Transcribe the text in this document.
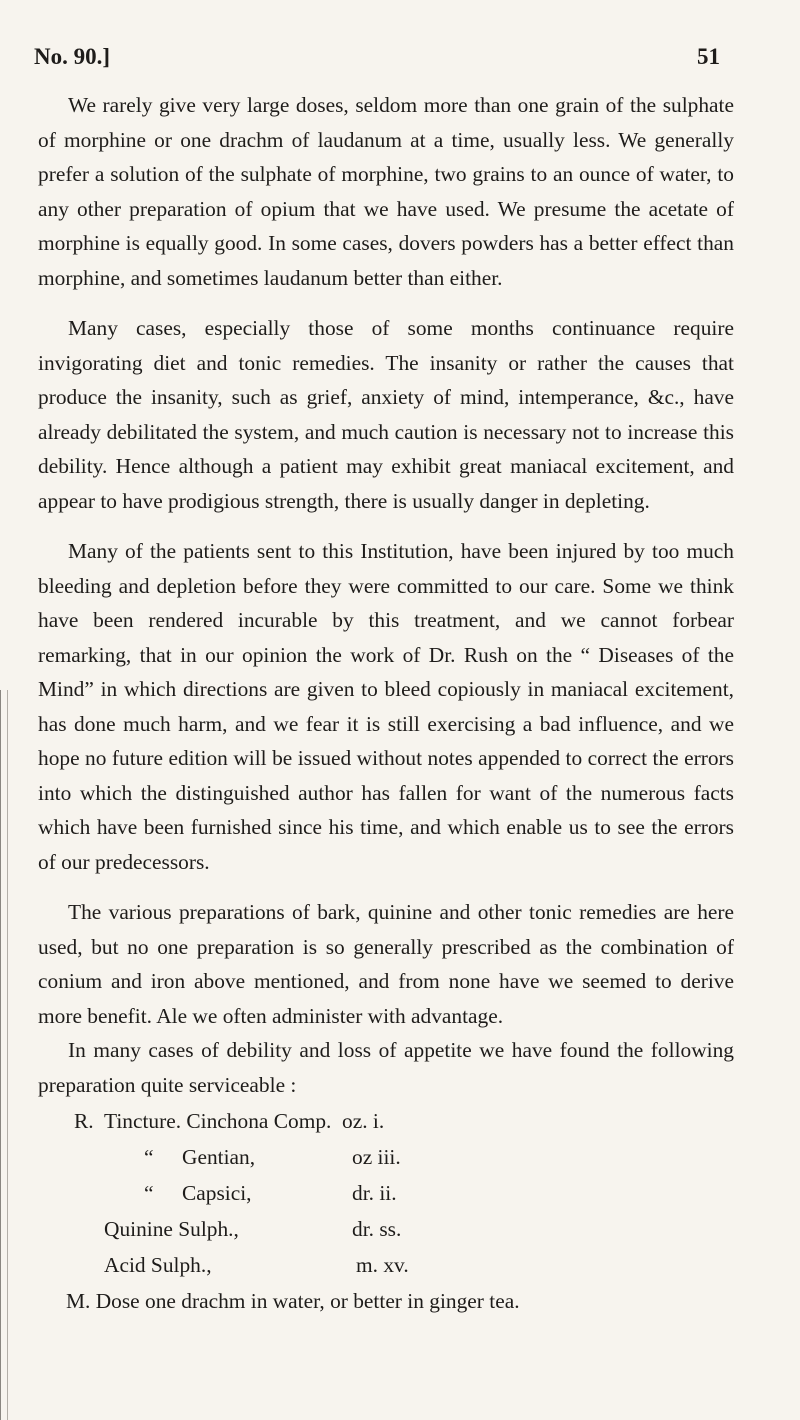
No. 90.]	51

We rarely give very large doses, seldom more than one grain of the sulphate of morphine or one drachm of laudanum at a time, usually less. We generally prefer a solution of the sulphate of morphine, two grains to an ounce of water, to any other preparation of opium that we have used. We presume the acetate of morphine is equally good. In some cases, dovers powders has a better effect than morphine, and sometimes laudanum better than either.

Many cases, especially those of some months continuance require invigorating diet and tonic remedies. The insanity or rather the causes that produce the insanity, such as grief, anxiety of mind, intemperance, &c., have already debilitated the system, and much caution is necessary not to increase this debility. Hence although a patient may exhibit great maniacal excitement, and appear to have prodigious strength, there is usually danger in depleting.

Many of the patients sent to this Institution, have been injured by too much bleeding and depletion before they were committed to our care. Some we think have been rendered incurable by this treatment, and we cannot forbear remarking, that in our opinion the work of Dr. Rush on the “ Diseases of the Mind” in which directions are given to bleed copiously in maniacal excitement, has done much harm, and we fear it is still exercising a bad influence, and we hope no future edition will be issued without notes appended to correct the errors into which the distinguished author has fallen for want of the numerous facts which have been furnished since his time, and which enable us to see the errors of our predecessors.

The various preparations of bark, quinine and other tonic remedies are here used, but no one preparation is so generally prescribed as the combination of conium and iron above mentioned, and from none have we seemed to derive more benefit. Ale we often administer with advantage.

In many cases of debility and loss of appetite we have found the following preparation quite serviceable :

R. Tincture. Cinchona Comp. oz. i.
“ Gentian,	oz iii.
“ Capsici,	dr. ii.
Quinine Sulph.,	dr. ss.
Acid Sulph.,	m. xv.
M. Dose one drachm in water, or better in ginger tea.
